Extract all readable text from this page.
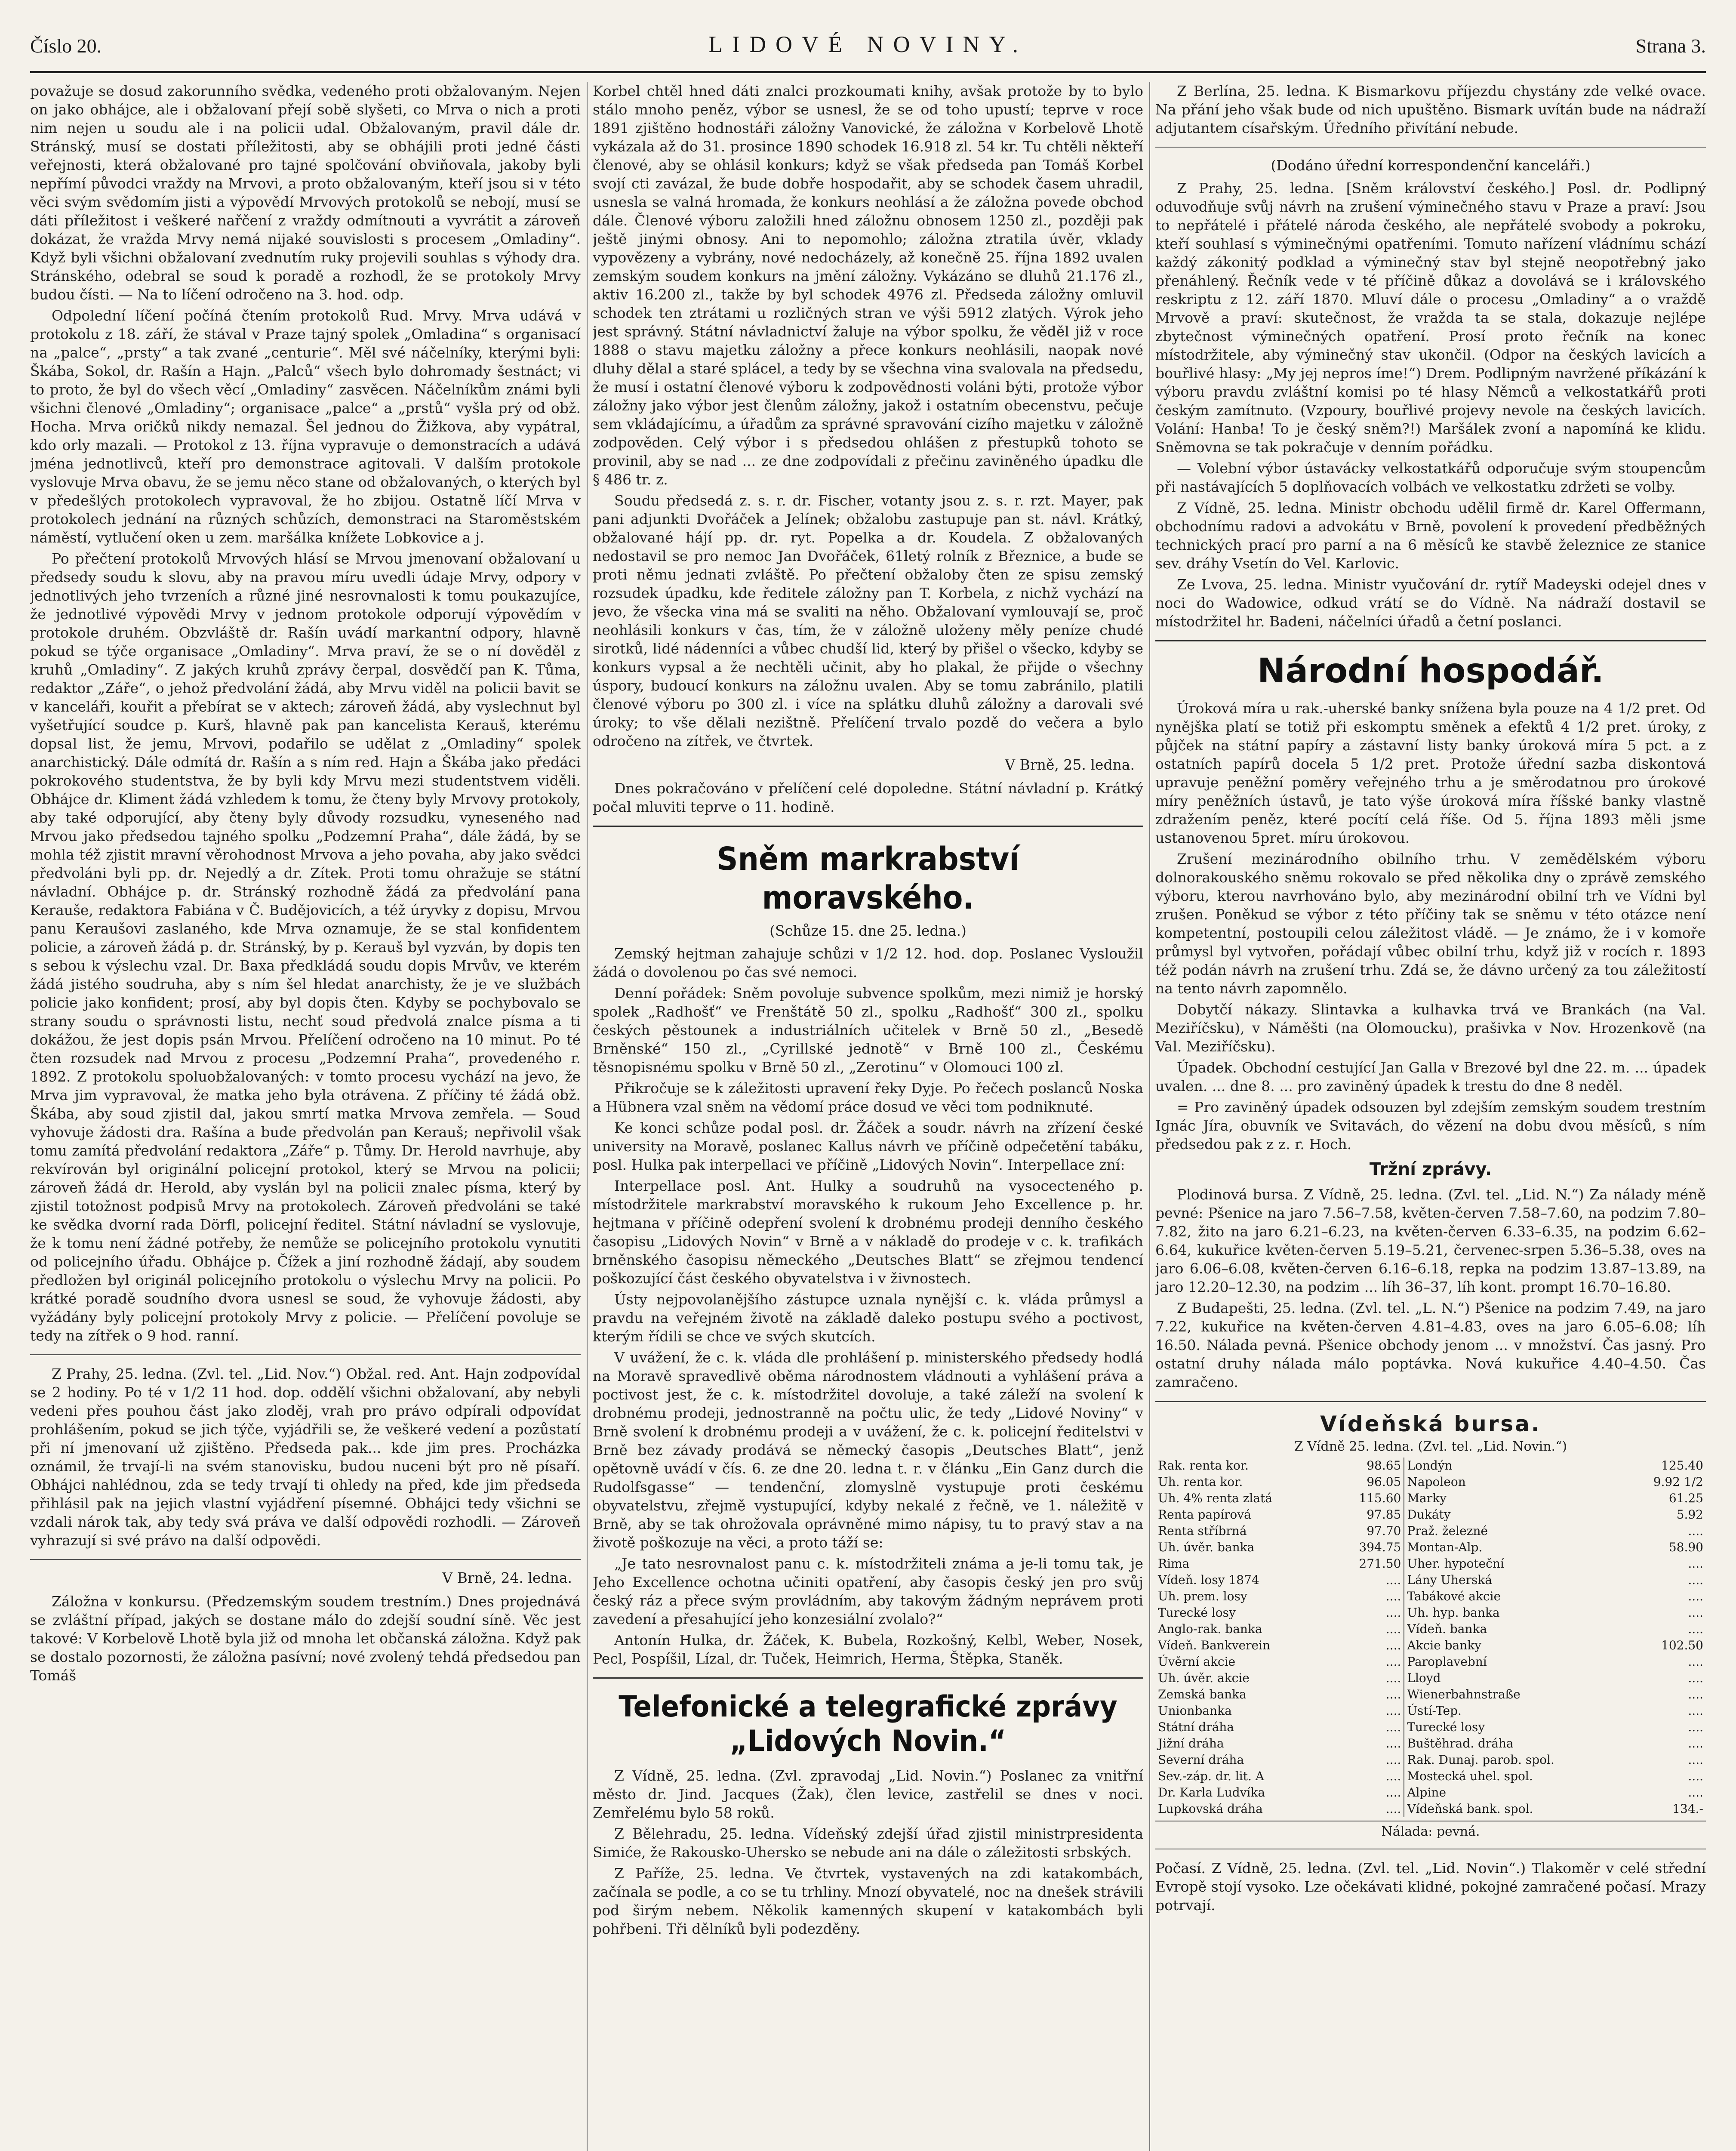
Číslo 20.	LIDOVÉ NOVINY.	Strana 3.

považuje se dosud zakorunního svědka, vedeného proti obžalovaným. Nejen on jako obhájce, ale i obžalovaní přejí sobě slyšeti, co Mrva o nich a proti nim nejen u soudu ale i na policii udal. Obžalovaným, pravil dále dr. Stránský, musí se dostati příležitosti, aby se obhájili proti jedné části veřejnosti, která obžalované pro tajné spolčování obviňovala, jakoby byli nepřímí původci vraždy na Mrvovi, a proto obžalovaným, kteří jsou si v této věci svým svědomím jisti a výpovědí Mrvových protokolů se nebojí, musí se dáti příležitost i veškeré nařčení z vraždy odmítnouti a vyvrátit a zároveň dokázat, že vražda Mrvy nemá nijaké souvislosti s procesem „Omladiny“. Když byli všichni obžalovaní zvednutím ruky projevili souhlas s výhody dra. Stránského, odebral se soud k poradě a rozhodl, že se protokoly Mrvy budou čísti. — Na to líčení odročeno na 3. hod. odp.

Odpolední líčení počíná čtením protokolů Rud. Mrvy. Mrva udává v protokolu z 18. září, že stával v Praze tajný spolek „Omladina“ s organisací na „palce“, „prsty“ a tak zvané „centurie“. Měl své náčelníky, kterými byli: Škába, Sokol, dr. Rašín a Hajn. „Palců“ všech bylo dohromady šestnáct; vi to proto, že byl do všech věcí „Omladiny“ zasvěcen. Náčelníkům známi byli všichni členové „Omladiny“; organisace „palce“ a „prstů“ vyšla prý od obž. Hocha. Mrva oričků nikdy nemazal. Šel jednou do Žižkova, aby vypátral, kdo orly mazali. — Protokol z 13. října vypravuje o demonstracích a udává jména jednotlivců, kteří pro demonstrace agitovali. V dalším protokole vyslovuje Mrva obavu, že se jemu něco stane od obžalovaných, o kterých byl v předešlých protokolech vypravoval, že ho zbijou. Ostatně líčí Mrva v protokolech jednání na různých schůzích, demonstraci na Staroměstském náměstí, vytlučení oken u zem. maršálka knížete Lobkovice a j.

Po přečtení protokolů Mrvových hlásí se Mrvou jmenovaní obžalovaní u předsedy soudu k slovu, aby na pravou míru uvedli údaje Mrvy, odpory v jednotlivých jeho tvrzeních a různé jiné nesrovnalosti k tomu poukazujíce, že jednotlivé výpovědi Mrvy v jednom protokole odporují výpovědím v protokole druhém. Obzvláště dr. Rašín uvádí markantní odpory, hlavně pokud se týče organisace „Omladiny“. Mrva praví, že se o ní dověděl z kruhů „Omladiny“. Z jakých kruhů zprávy čerpal, dosvědčí pan K. Tůma, redaktor „Záře“, o jehož předvolání žádá, aby Mrvu viděl na policii bavit se v kanceláři, kouřit a přebírat se v aktech; zároveň žádá, aby vyslechnut byl vyšetřující soudce p. Kurš, hlavně pak pan kancelista Kerauš, kterému dopsal list, že jemu, Mrvovi, podařilo se udělat z „Omladiny“ spolek anarchistický. Dále odmítá dr. Rašín a s ním red. Hajn a Škába jako předáci pokrokového studentstva, že by byli kdy Mrvu mezi studentstvem viděli. Obhájce dr. Kliment žádá vzhledem k tomu, že čteny byly Mrvovy protokoly, aby také odporující, aby čteny byly důvody rozsudku, vyneseného nad Mrvou jako předsedou tajného spolku „Podzemní Praha“, dále žádá, by se mohla též zjistit mravní věrohodnost Mrvova a jeho povaha, aby jako svědci předvoláni byli pp. dr. Nejedlý a dr. Zítek. Proti tomu ohražuje se státní návladní. Obhájce p. dr. Stránský rozhodně žádá za předvolání pana Kerauše, redaktora Fabiána v Č. Budějovicích, a též úryvky z dopisu, Mrvou panu Keraušovi zaslaného, kde Mrva oznamuje, že se stal konfidentem policie, a zároveň žádá p. dr. Stránský, by p. Kerauš byl vyzván, by dopis ten s sebou k výslechu vzal. Dr. Baxa předkládá soudu dopis Mrvův, ve kterém žádá jistého soudruha, aby s ním šel hledat anarchisty, že je ve službách policie jako konfident; prosí, aby byl dopis čten. Kdyby se pochybovalo se strany soudu o správnosti listu, nechť soud předvolá znalce písma a ti dokážou, že jest dopis psán Mrvou. Přelíčení odročeno na 10 minut. Po té čten rozsudek nad Mrvou z procesu „Podzemní Praha“, provedeného r. 1892. Z protokolu spoluobžalovaných: v tomto procesu vychází na jevo, že Mrva jim vypravoval, že matka jeho byla otrávena. Z příčiny té žádá obž. Škába, aby soud zjistil dal, jakou smrtí matka Mrvova zemřela. — Soud vyhovuje žádosti dra. Rašína a bude předvolán pan Kerauš; nepřivolil však tomu zamítá předvolání redaktora „Záře“ p. Tůmy. Dr. Herold navrhuje, aby rekvírován byl originální policejní protokol, který se Mrvou na policii; zároveň žádá dr. Herold, aby vyslán byl na policii znalec písma, který by zjistil totožnost podpisů Mrvy na protokolech. Zároveň předvoláni se také ke svědka dvorní rada Dörfl, policejní ředitel. Státní návladní se vyslovuje, že k tomu není žádné potřeby, že nemůže se policejního protokolu vynutiti od policejního úřadu. Obhájce p. Čížek a jiní rozhodně žádají, aby soudem předložen byl originál policejního protokolu o výslechu Mrvy na policii. Po krátké poradě soudního dvora usnesl se soud, že vyhovuje žádosti, aby vyžádány byly policejní protokoly Mrvy z policie. — Přelíčení povoluje se tedy na zítřek o 9 hod. ranní.

Z Prahy, 25. ledna. (Zvl. tel. „Lid. Nov.“) Obžal. red. Ant. Hajn zodpovídal se 2 hodiny. Po té v 1/2 11 hod. dop. oddělí všichni obžalovaní, aby nebyli vedeni přes pouhou část jako zloděj, vrah pro právo odpírali odpovídat prohlášením, pokud se jich týče, vyjádřili se, že veškeré vedení a pozůstatí při ní jmenovaní už zjištěno. Předseda pak... kde jim pres. Procházka oznámil, že trvají-li na svém stanovisku, budou nuceni být pro ně písaří. Obhájci nahlédnou, zda se tedy trvají ti ohledy na před, kde jim předseda přihlásil pak na jejich vlastní vyjádření písemné. Obhájci tedy všichni se vzdali nárok tak, aby tedy svá práva ve další odpovědi rozhodli. — Zároveň vyhrazují si své právo na další odpovědi.

V Brně, 24. ledna.

Záložna v konkursu. (Předzemským soudem trestním.) Dnes projednává se zvláštní případ, jakých se dostane málo do zdejší soudní síně. Věc jest takové: V Korbelově Lhotě byla již od mnoha let občanská záložna. Když pak se dostalo pozornosti, že záložna pasívní; nové zvolený tehdá předsedou pan Tomáš

Korbel chtěl hned dáti znalci prozkoumati knihy, avšak protože by to bylo stálo mnoho peněz, výbor se usnesl, že se od toho upustí; teprve v roce 1891 zjištěno hodnostáři záložny Vanovické, že záložna v Korbelově Lhotě vykázala až do 31. prosince 1890 schodek 16.918 zl. 54 kr. Tu chtěli někteří členové, aby se ohlásil konkurs; když se však předseda pan Tomáš Korbel svojí cti zavázal, že bude dobře hospodařit, aby se schodek časem uhradil, usnesla se valná hromada, že konkurs neohlásí a že záložna povede obchod dále. Členové výboru založili hned záložnu obnosem 1250 zl., později pak ještě jinými obnosy. Ani to nepomohlo; záložna ztratila úvěr, vklady vypovězeny a vybrány, nové nedocházely, až konečně 25. října 1892 uvalen zemským soudem konkurs na jmění záložny. Vykázáno se dluhů 21.176 zl., aktiv 16.200 zl., takže by byl schodek 4976 zl. Předseda záložny omluvil schodek ten ztrátami u rozličných stran ve výši 5912 zlatých. Výrok jeho jest správný. Státní návladnictví žaluje na výbor spolku, že věděl již v roce 1888 o stavu majetku záložny a přece konkurs neohlásili, naopak nové dluhy dělal a staré splácel, a tedy by se všechna vina svalovala na předsedu, že musí i ostatní členové výboru k zodpovědnosti voláni býti, protože výbor záložny jako výbor jest členům záložny, jakož i ostatním obecenstvu, pečuje sem vkládajícímu, a úřadům za správné spravování cizího majetku v záložně zodpověden. Celý výbor i s předsedou ohlášen z přestupků tohoto se provinil, aby se nad ... ze dne zodpovídali z přečinu zaviněného úpadku dle § 486 tr. z.

Soudu předsedá z. s. r. dr. Fischer, votanty jsou z. s. r. rzt. Mayer, pak pani adjunkti Dvořáček a Jelínek; obžalobu zastupuje pan st. návl. Krátký, obžalované hájí pp. dr. ryt. Popelka a dr. Koudela. Z obžalovaných nedostavil se pro nemoc Jan Dvořáček, 61letý rolník z Březnice, a bude se proti němu jednati zvláště. Po přečtení obžaloby čten ze spisu zemský rozsudek úpadku, kde ředitele záložny pan T. Korbela, z nichž vychází na jevo, že všecka vina má se svaliti na něho. Obžalovaní vymlouvají se, proč neohlásili konkurs v čas, tím, že v záložně uloženy měly peníze chudé sirotků, lidé nádenníci a vůbec chudší lid, který by přišel o všecko, kdyby se konkurs vypsal a že nechtěli učinit, aby ho plakal, že přijde o všechny úspory, budoucí konkurs na záložnu uvalen. Aby se tomu zabránilo, platili členové výboru po 300 zl. i více na splátku dluhů záložny a darovali své úroky; to vše dělali nezištně. Přelíčení trvalo pozdě do večera a bylo odročeno na zítřek, ve čtvrtek.

V Brně, 25. ledna.

Dnes pokračováno v přelíčení celé dopoledne. Státní návladní p. Krátký počal mluviti teprve o 11. hodině.

Sněm markrabství moravského.
(Schůze 15. dne 25. ledna.)

Zemský hejtman zahajuje schůzi v 1/2 12. hod. dop. Poslanec Vysloužil žádá o dovolenou po čas své nemoci.

Denní pořádek: Sněm povoluje subvence spolkům, mezi nimiž je horský spolek „Radhošť“ ve Frenštátě 50 zl., spolku „Radhošť“ 300 zl., spolku českých pěstounek a industriálních učitelek v Brně 50 zl., „Besedě Brněnské“ 150 zl., „Cyrillské jednotě“ v Brně 100 zl., Českému těsnopisnému spolku v Brně 50 zl., „Zerotinu“ v Olomouci 100 zl.

Přikročuje se k záležitosti upravení řeky Dyje. Po řečech poslanců Noska a Hübnera vzal sněm na vědomí práce dosud ve věci tom podniknuté.

Ke konci schůze podal posl. dr. Žáček a soudr. návrh na zřízení české university na Moravě, poslanec Kallus návrh ve příčině odpečetění tabáku, posl. Hulka pak interpellaci ve příčině „Lidových Novin“. Interpellace zní:

Interpellace posl. Ant. Hulky a soudruhů na vysocecteného p. místodržitele markrabství moravského k rukoum Jeho Excellence p. hr. hejtmana v příčině odepření svolení k drobnému prodeji denního českého časopisu „Lidových Novin“ v Brně a v nákladě do prodeje v c. k. trafikách brněnského časopisu německého „Deutsches Blatt“ se zřejmou tendencí poškozující část českého obyvatelstva i v živnostech.

Ústy nejpovolanějšího zástupce uznala nynější c. k. vláda průmysl a pravdu na veřejném životě na základě daleko postupu svého a poctivost, kterým řídili se chce ve svých skutcích.

V uvážení, že c. k. vláda dle prohlášení p. ministerského předsedy hodlá na Moravě spravedlivě oběma národnostem vládnouti a vyhlášení práva a poctivost jest, že c. k. místodržitel dovoluje, a také záleží na svolení k drobnému prodeji, jednostranně na počtu ulic, že tedy „Lidové Noviny“ v Brně svolení k drobnému prodeji a v uvážení, že c. k. policejní ředitelstvi v Brně bez závady prodává se německý časopis „Deutsches Blatt“, jenž opětovně uvádí v čís. 6. ze dne 20. ledna t. r. v článku „Ein Ganz durch die Rudolfsgasse“ — tendenční, zlomyslně vystupuje proti českému obyvatelstvu, zřejmě vystupující, kdyby nekalé z řečně, ve 1. náležitě v Brně, aby se tak ohrožovala oprávněné mimo nápisy, tu to pravý stav a na životě poškozuje na věci, a proto táží se:

„Je tato nesrovnalost panu c. k. místodržiteli známa a je-li tomu tak, je Jeho Excellence ochotna učiniti opatření, aby časopis český jen pro svůj český ráz a přece svým provládním, aby takovým žádným neprávem proti zavedení a přesahující jeho konzesiální zvolalo?“

Antonín Hulka, dr. Žáček, K. Bubela, Rozkošný, Kelbl, Weber, Nosek, Pecl, Pospíšil, Lízal, dr. Tuček, Heimrich, Herma, Štěpka, Staněk.

Telefonické a telegrafické zprávy „Lidových Novin.“

Z Vídně, 25. ledna. (Zvl. zpravodaj „Lid. Novin.“) Poslanec za vnitřní město dr. Jind. Jacques (Žak), člen levice, zastřelil se dnes v noci. Zemřelému bylo 58 roků.

Z Bělehradu, 25. ledna. Vídeňský zdejší úřad zjistil ministrpresidenta Simiće, že Rakousko-Uhersko se nebude ani na dále o záležitosti srbských.

Z Paříže, 25. ledna. Ve čtvrtek, vystavených na zdi katakombách, začínala se podle, a co se tu trhliny. Mnozí obyvatelé, noc na dnešek strávili pod širým nebem. Několik kamenných skupení v katakombách byli pohřbeni. Tři dělníků byli podezděny.

Z Berlína, 25. ledna. K Bismarkovu příjezdu chystány zde velké ovace. Na přání jeho však bude od nich upuštěno. Bismark uvítán bude na nádraží adjutantem císařským. Úředního přivítání nebude.

(Dodáno úřední korrespondenční kanceláři.)

Z Prahy, 25. ledna. [Sněm království českého.] Posl. dr. Podlipný oduvodňuje svůj návrh na zrušení výminečného stavu v Praze a praví: Jsou to nepřátelé i přátelé národa českého, ale nepřátelé svobody a pokroku, kteří souhlasí s výminečnými opatřeními. Tomuto nařízení vládnímu schází každý zákonitý podklad a výminečný stav byl stejně neopotřebný jako přenáhlený. Řečník vede v té příčině důkaz a dovolává se i královského reskriptu z 12. září 1870. Mluví dále o procesu „Omladiny“ a o vraždě Mrvově a praví: skutečnost, že vražda ta se stala, dokazuje nejlépe zbytečnost výminečných opatření. Prosí proto řečník na konec místodržitele, aby výminečný stav ukončil. (Odpor na českých lavicích a bouřlivé hlasy: „My jej nepros íme!“) Drem. Podlipným navržené příkázání k výboru pravdu zvláštní komisi po té hlasy Němců a velkostatkářů proti českým zamítnuto. (Vzpoury, bouřlivé projevy nevole na českých lavicích. Volání: Hanba! To je český sněm?!) Maršálek zvoní a napomíná ke klidu. Sněmovna se tak pokračuje v denním pořádku.

— Volební výbor ústavácky velkostatkářů odporučuje svým stoupencům při nastávajících 5 doplňovacích volbách ve velkostatku zdržeti se volby.

Z Vídně, 25. ledna. Ministr obchodu udělil firmě dr. Karel Offermann, obchodnímu radovi a advokátu v Brně, povolení k provedení předběžných technických prací pro parní a na 6 měsíců ke stavbě železnice ze stanice sev. dráhy Vsetín do Vel. Karlovic.

Ze Lvova, 25. ledna. Ministr vyučování dr. rytíř Madeyski odejel dnes v noci do Wadowice, odkud vrátí se do Vídně. Na nádraží dostavil se místodržitel hr. Badeni, náčelníci úřadů a četní poslanci.

Národní hospodář.

Úroková míra u rak.-uherské banky snížena byla pouze na 4 1/2 pret. Od nynějška platí se totiž při eskomptu směnek a efektů 4 1/2 pret. úroky, z půjček na státní papíry a zástavní listy banky úroková míra 5 pct. a z ostatních papírů docela 5 1/2 pret. Protože úřední sazba diskontová upravuje peněžní poměry veřejného trhu a je směrodatnou pro úrokové míry peněžních ústavů, je tato výše úroková míra říšské banky vlastně zdražením peněz, které pocítí celá říše. Od 5. října 1893 měli jsme ustanovenou 5pret. míru úrokovou.

Zrušení mezinárodního obilního trhu. V zemědělském výboru dolnorakouského sněmu rokovalo se před několika dny o zprávě zemského výboru, kterou navrhováno bylo, aby mezinárodní obilní trh ve Vídni byl zrušen. Poněkud se výbor z této příčiny tak se sněmu v této otázce není kompetentní, postoupili celou záležitost vládě. — Je známo, že i v komoře průmysl byl vytvořen, pořádají vůbec obilní trhu, když již v rocích r. 1893 též podán návrh na zrušení trhu. Zdá se, že dávno určený za tou záležitostí na tento návrh zapomnělo.

Dobytčí nákazy. Slintavka a kulhavka trvá ve Brankách (na Val. Meziříčsku), v Náměšti (na Olomoucku), prašivka v Nov. Hrozenkově (na Val. Meziříčsku).

Úpadek. Obchodní cestující Jan Galla v Brezové byl dne 22. m. ... úpadek uvalen. ... dne 8. ... pro zaviněný úpadek k trestu do dne 8 neděl.

= Pro zaviněný úpadek odsouzen byl zdejším zemským soudem trestním Ignác Jíra, obuvník ve Svitavách, do vězení na dobu dvou měsíců, s ním předsedou pak z z. r. Hoch.

Tržní zprávy.

Plodinová bursa. Z Vídně, 25. ledna. (Zvl. tel. „Lid. N.“) Za nálady méně pevné: Pšenice na jaro 7.56–7.58, květen-červen 7.58–7.60, na podzim 7.80–7.82, žito na jaro 6.21–6.23, na květen-červen 6.33–6.35, na podzim 6.62–6.64, kukuřice květen-červen 5.19–5.21, červenec-srpen 5.36–5.38, oves na jaro 6.06–6.08, květen-červen 6.16–6.18, repka na podzim 13.87–13.89, na jaro 12.20–12.30, na podzim ... líh 36–37, líh kont. prompt 16.70–16.80.

Z Budapešti, 25. ledna. (Zvl. tel. „L. N.“) Pšenice na podzim 7.49, na jaro 7.22, kukuřice na květen-červen 4.81–4.83, oves na jaro 6.05–6.08; líh 16.50. Nálada pevná. Pšenice obchody jenom ... v množství. Čas jasný. Pro ostatní druhy nálada málo poptávka. Nová kukuřice 4.40–4.50. Čas zamračeno.

Vídeňská bursa.
Z Vídně 25. ledna. (Zvl. tel. „Lid. Novin.“)
Rak. renta kor.	98.65	Londýn	125.40
Uh. renta kor.	96.05	Napoleon	9.92 1/2
Uh. 4% renta zlatá	115.60	Marky	61.25
Renta papírová	97.85	Dukáty	5.92
Renta stříbrná	97.70	Praž. železné	....
Uh. úvěr. banka	394.75	Montan-Alp.	58.90
Rima	271.50	Uher. hypoteční	....
Vídeň. losy 1874	....	Lány Uherská	....
Uh. prem. losy	....	Tabákové akcie	....
Turecké losy	....	Uh. hyp. banka	....
Anglo-rak. banka	....	Vídeň. banka	....
Vídeň. Bankverein	....	Akcie banky	102.50
Úvěrní akcie	....	Paroplavební	....
Uh. úvěr. akcie	....	Lloyd	....
Zemská banka	....	Wienerbahnstraße	....
Unionbanka	....	Ústí-Tep.	....
Státní dráha	....	Turecké losy	....
Jižní dráha	....	Buštěhrad. dráha	....
Severní dráha	....	Rak. Dunaj. parob. spol.	....
Sev.-záp. dr. lit. A	....	Mostecká uhel. spol.	....
Dr. Karla Ludvíka	....	Alpine	....
Lupkovská dráha	....	Vídeňská bank. spol.	134.-
Nálada: pevná.

Počasí. Z Vídně, 25. ledna. (Zvl. tel. „Lid. Novin“.) Tlakoměr v celé střední Evropě stojí vysoko. Lze očekávati klidné, pokojné zamračené počasí. Mrazy potrvají.
